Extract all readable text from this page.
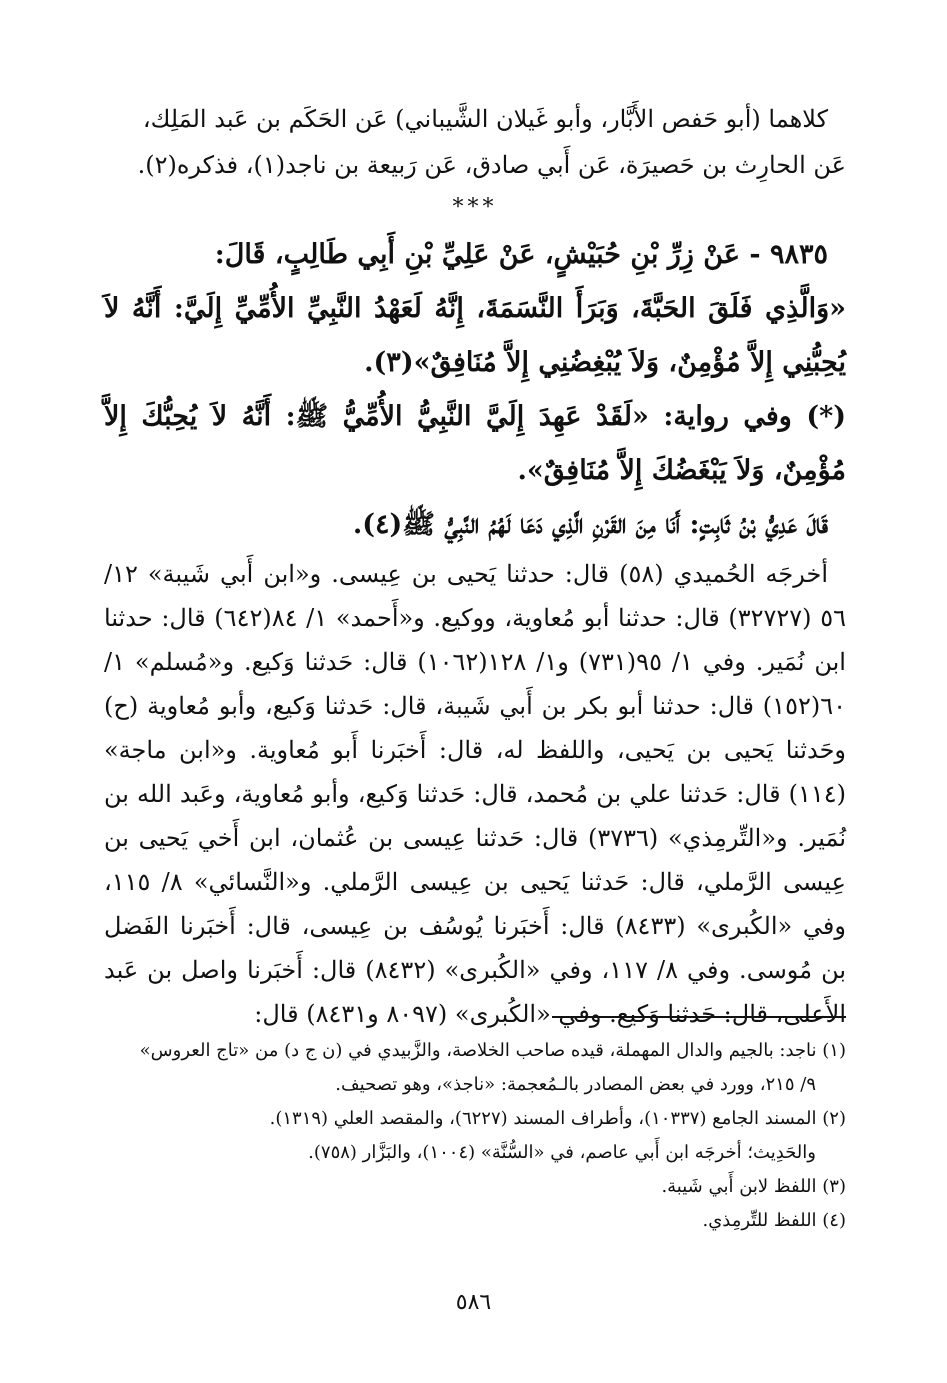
كلاهما (أبو حَفص الأَبَّار، وأبو غَيلان الشَّيباني) عَن الحَكَم بن عَبد المَلِك،

عَن الحارِث بن حَصيرَة، عَن أَبي صادق، عَن رَبيعة بن ناجد(١)، فذكره(٢).

***

٩٨٣٥ - عَنْ زِرِّ بْنِ حُبَيْشٍ، عَنْ عَلِيِّ بْنِ أَبِي طَالِبٍ، قَالَ:

«وَالَّذِي فَلَقَ الحَبَّةَ، وَبَرَأَ النَّسَمَةَ، إِنَّهُ لَعَهْدُ النَّبِيِّ الأُمِّيِّ إِلَيَّ: أَنَّهُ لاَ يُحِبُّنِي إِلاَّ مُؤْمِنٌ، وَلاَ يُبْغِضُنِي إِلاَّ مُنَافِقٌ»(٣).

(*) وفي رواية: «لَقَدْ عَهِدَ إِلَيَّ النَّبِيُّ الأُمِّيُّ ﷺ: أَنَّهُ لاَ يُحِبُّكَ إِلاَّ مُؤْمِنٌ، وَلاَ يَبْغَضُكَ إِلاَّ مُنَافِقٌ».

قَالَ عَدِيُّ بْنُ ثَابِتٍ: أَنَا مِنَ القَرْنِ الَّذِي دَعَا لَهُمُ النَّبِيُّ ﷺ(٤).

أخرجَه الحُميدي (٥٨) قال: حدثنا يَحيى بن عِيسى. و«ابن أَبي شَيبة» ١٢/ ٥٦ (٣٢٧٢٧) قال: حدثنا أبو مُعاوية، ووكيع. و«أَحمد» ١/ ٨٤(٦٤٢) قال: حدثنا ابن نُمَير. وفي ١/ ٩٥(٧٣١) و١/ ١٢٨(١٠٦٢) قال: حَدثنا وَكيع. و«مُسلم» ١/ ٦٠(١٥٢) قال: حدثنا أبو بكر بن أَبي شَيبة، قال: حَدثنا وَكيع، وأبو مُعاوية (ح) وحَدثنا يَحيى بن يَحيى، واللفظ له، قال: أَخبَرنا أَبو مُعاوية. و«ابن ماجة» (١١٤) قال: حَدثنا علي بن مُحمد، قال: حَدثنا وَكيع، وأبو مُعاوية، وعَبد الله بن نُمَير. و«التِّرمِذي» (٣٧٣٦) قال: حَدثنا عِيسى بن عُثمان، ابن أَخي يَحيى بن عِيسى الرَّملي، قال: حَدثنا يَحيى بن عِيسى الرَّملي. و«النَّسائي» ٨/ ١١٥، وفي «الكُبرى» (٨٤٣٣) قال: أَخبَرنا يُوسُف بن عِيسى، قال: أَخبَرنا الفَضل بن مُوسى. وفي ٨/ ١١٧، وفي «الكُبرى» (٨٤٣٢) قال: أَخبَرنا واصل بن عَبد الأَعلى، قال: حَدثنا وَكيع. وفي «الكُبرى» (٨٠٩٧ و٨٤٣١) قال:

(١) ناجد: بالجيم والدال المهملة، قيده صاحب الخلاصة، والزَّبيدي في (ن ج د) من «تاج العروس»

٩/ ٢١٥، وورد في بعض المصادر بالـمُعجمة: «ناجذ»، وهو تصحيف.

(٢) المسند الجامع (١٠٣٣٧)، وأطراف المسند (٦٢٢٧)، والمقصد العلي (١٣١٩).

والحَدِيث؛ أخرجَه ابن أَبي عاصم، في «السُّنَّة» (١٠٠٤)، والبَزَّار (٧٥٨).

(٣) اللفظ لابن أَبي شَيبة.

(٤) اللفظ للتِّرمِذي.

٥٨٦
